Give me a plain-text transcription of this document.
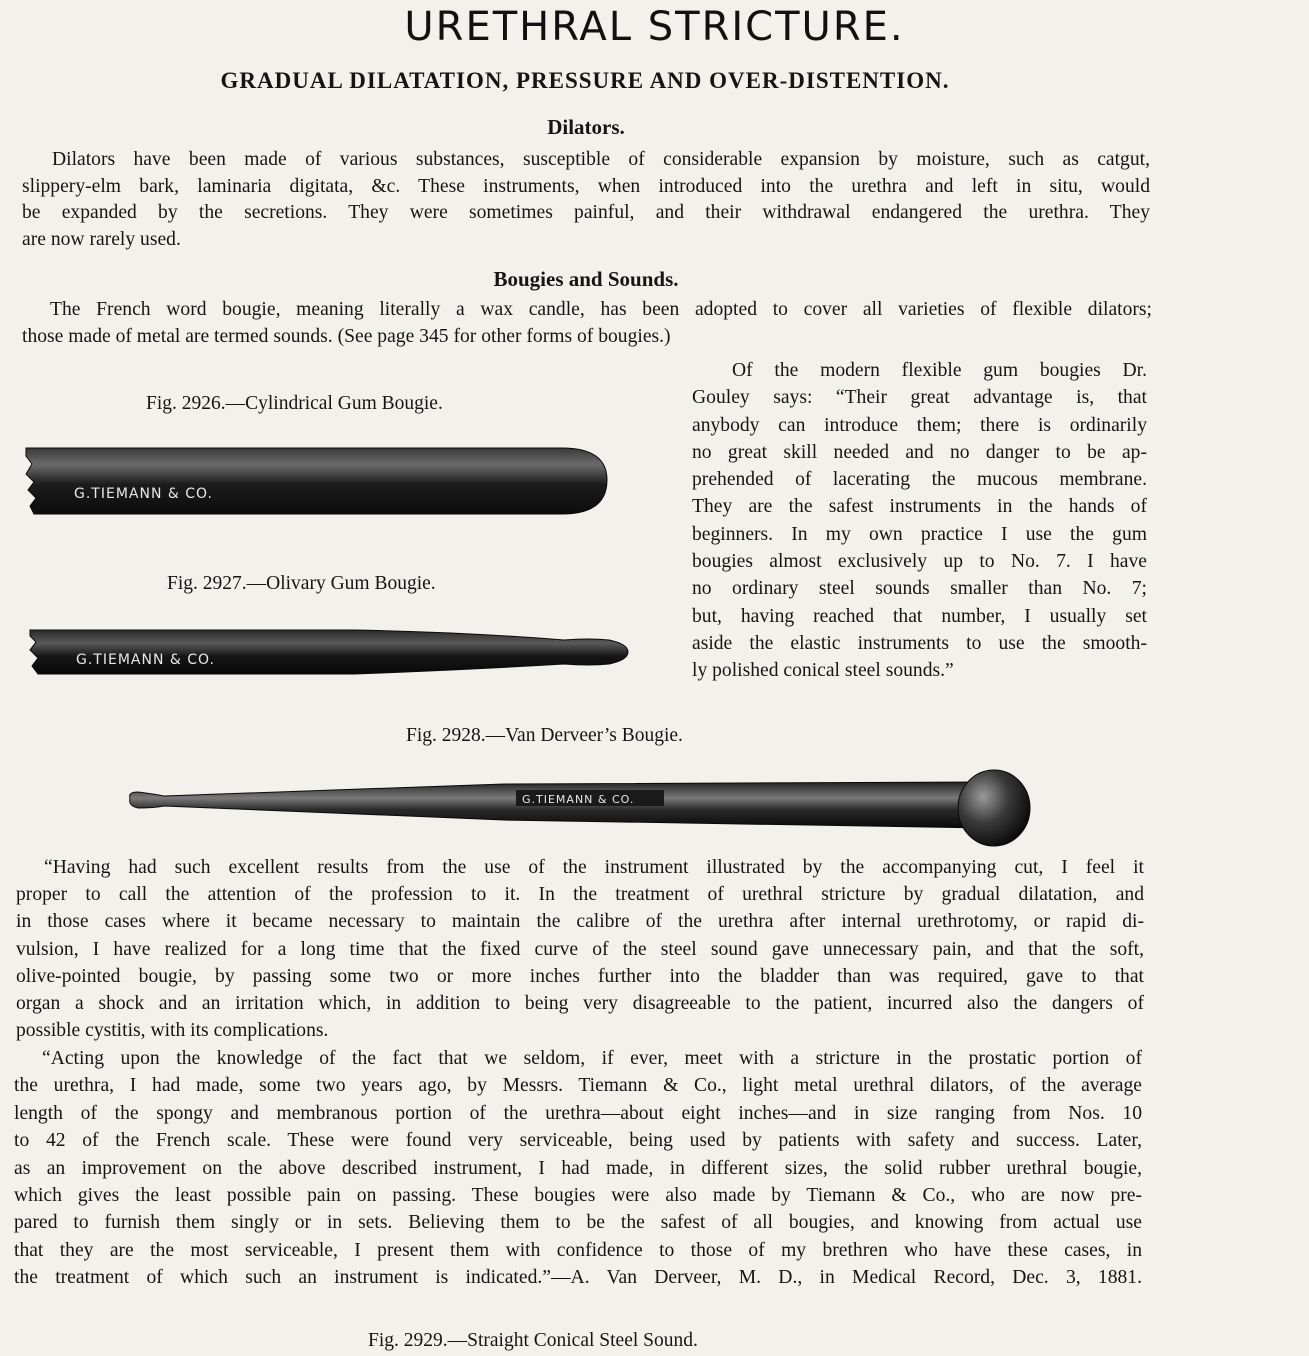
URETHRAL STRICTURE.
GRADUAL DILATATION, PRESSURE AND OVER-DISTENTION.
Dilators.
Dilators have been made of various substances, susceptible of considerable expansion by moisture, such as catgut,
slippery-elm bark, laminaria digitata, &c. These instruments, when introduced into the urethra and left in situ, would
be expanded by the secretions. They were sometimes painful, and their withdrawal endangered the urethra. They
are now rarely used.
Bougies and Sounds.
The French word bougie, meaning literally a wax candle, has been adopted to cover all varieties of flexible dilators;
those made of metal are termed sounds. (See page 345 for other forms of bougies.)
Of the modern flexible gum bougies Dr.
Gouley says: “Their great advantage is, that
anybody can introduce them; there is ordinarily
no great skill needed and no danger to be ap-
prehended of lacerating the mucous membrane.
They are the safest instruments in the hands of
beginners. In my own practice I use the gum
bougies almost exclusively up to No. 7. I have
no ordinary steel sounds smaller than No. 7;
but, having reached that number, I usually set
aside the elastic instruments to use the smooth-
ly polished conical steel sounds.”
Fig. 2926.—Cylindrical Gum Bougie.
G.TIEMANN & CO.
Fig. 2927.—Olivary Gum Bougie.
G.TIEMANN & CO.
Fig. 2928.—Van Derveer’s Bougie.
G.TIEMANN & CO.
“Having had such excellent results from the use of the instrument illustrated by the accompanying cut, I feel it
proper to call the attention of the profession to it. In the treatment of urethral stricture by gradual dilatation, and
in those cases where it became necessary to maintain the calibre of the urethra after internal urethrotomy, or rapid di-
vulsion, I have realized for a long time that the fixed curve of the steel sound gave unnecessary pain, and that the soft,
olive-pointed bougie, by passing some two or more inches further into the bladder than was required, gave to that
organ a shock and an irritation which, in addition to being very disagreeable to the patient, incurred also the dangers of
possible cystitis, with its complications.
“Acting upon the knowledge of the fact that we seldom, if ever, meet with a stricture in the prostatic portion of
the urethra, I had made, some two years ago, by Messrs. Tiemann & Co., light metal urethral dilators, of the average
length of the spongy and membranous portion of the urethra—about eight inches—and in size ranging from Nos. 10
to 42 of the French scale. These were found very serviceable, being used by patients with safety and success. Later,
as an improvement on the above described instrument, I had made, in different sizes, the solid rubber urethral bougie,
which gives the least possible pain on passing. These bougies were also made by Tiemann & Co., who are now pre-
pared to furnish them singly or in sets. Believing them to be the safest of all bougies, and knowing from actual use
that they are the most serviceable, I present them with confidence to those of my brethren who have these cases, in
the treatment of which such an instrument is indicated.”—A. Van Derveer, M. D., in Medical Record, Dec. 3, 1881.
Fig. 2929.—Straight Conical Steel Sound.
